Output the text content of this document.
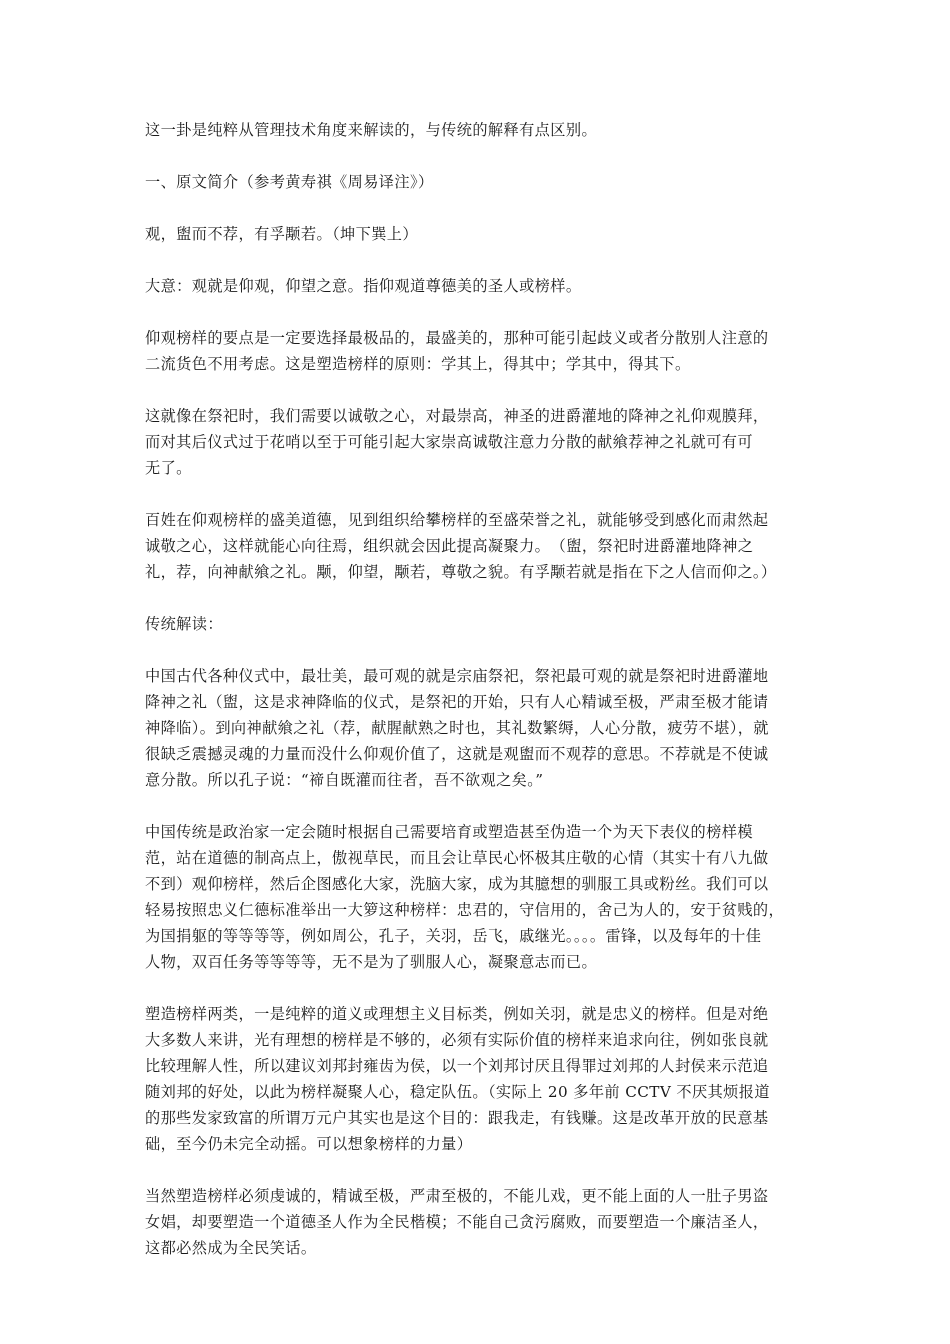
这一卦是纯粹从管理技术角度来解读的，与传统的解释有点区别。
一、原文简介（参考黄寿祺《周易译注》）
观，盥而不荐，有孚颙若。（坤下巽上）
大意：观就是仰观，仰望之意。指仰观道尊德美的圣人或榜样。
仰观榜样的要点是一定要选择最极品的，最盛美的，那种可能引起歧义或者分散别人注意的
二流货色不用考虑。这是塑造榜样的原则：学其上，得其中；学其中，得其下。
这就像在祭祀时，我们需要以诚敬之心，对最崇高，神圣的进爵灌地的降神之礼仰观膜拜，
而对其后仪式过于花哨以至于可能引起大家崇高诚敬注意力分散的献飨荐神之礼就可有可
无了。
百姓在仰观榜样的盛美道德，见到组织给攀榜样的至盛荣誉之礼，就能够受到感化而肃然起
诚敬之心，这样就能心向往焉，组织就会因此提高凝聚力。　（盥，祭祀时进爵灌地降神之
礼，荐，向神献飨之礼。颙，仰望，颙若，尊敬之貌。有孚颙若就是指在下之人信而仰之。）
传统解读：
中国古代各种仪式中，最壮美，最可观的就是宗庙祭祀，祭祀最可观的就是祭祀时进爵灌地
降神之礼（盥，这是求神降临的仪式，是祭祀的开始，只有人心精诚至极，严肃至极才能请
神降临）。到向神献飨之礼（荐，献腥献熟之时也，其礼数繁缛，人心分散，疲劳不堪），就
很缺乏震撼灵魂的力量而没什么仰观价值了，这就是观盥而不观荐的意思。不荐就是不使诚
意分散。所以孔子说：“禘自既灌而往者，吾不欲观之矣。”
中国传统是政治家一定会随时根据自己需要培育或塑造甚至伪造一个为天下表仪的榜样模
范，站在道德的制高点上，傲视草民，而且会让草民心怀极其庄敬的心情（其实十有八九做
不到）观仰榜样，然后企图感化大家，洗脑大家，成为其臆想的驯服工具或粉丝。我们可以
轻易按照忠义仁德标准举出一大箩这种榜样：忠君的，守信用的，舍己为人的，安于贫贱的，
为国捐躯的等等等等，例如周公，孔子，关羽，岳飞，戚继光。。。。雷锋，以及每年的十佳
人物，双百任务等等等等，无不是为了驯服人心，凝聚意志而已。
塑造榜样两类，一是纯粹的道义或理想主义目标类，例如关羽，就是忠义的榜样。但是对绝
大多数人来讲，光有理想的榜样是不够的，必须有实际价值的榜样来追求向往，例如张良就
比较理解人性，所以建议刘邦封雍齿为侯，以一个刘邦讨厌且得罪过刘邦的人封侯来示范追
随刘邦的好处，以此为榜样凝聚人心，稳定队伍。（实际上 20 多年前 CCTV 不厌其烦报道
的那些发家致富的所谓万元户其实也是这个目的：跟我走，有钱赚。这是改革开放的民意基
础，至今仍未完全动摇。可以想象榜样的力量）
当然塑造榜样必须虔诚的，精诚至极，严肃至极的，不能儿戏，更不能上面的人一肚子男盗
女娼，却要塑造一个道德圣人作为全民楷模；不能自己贪污腐败，而要塑造一个廉洁圣人，
这都必然成为全民笑话。
